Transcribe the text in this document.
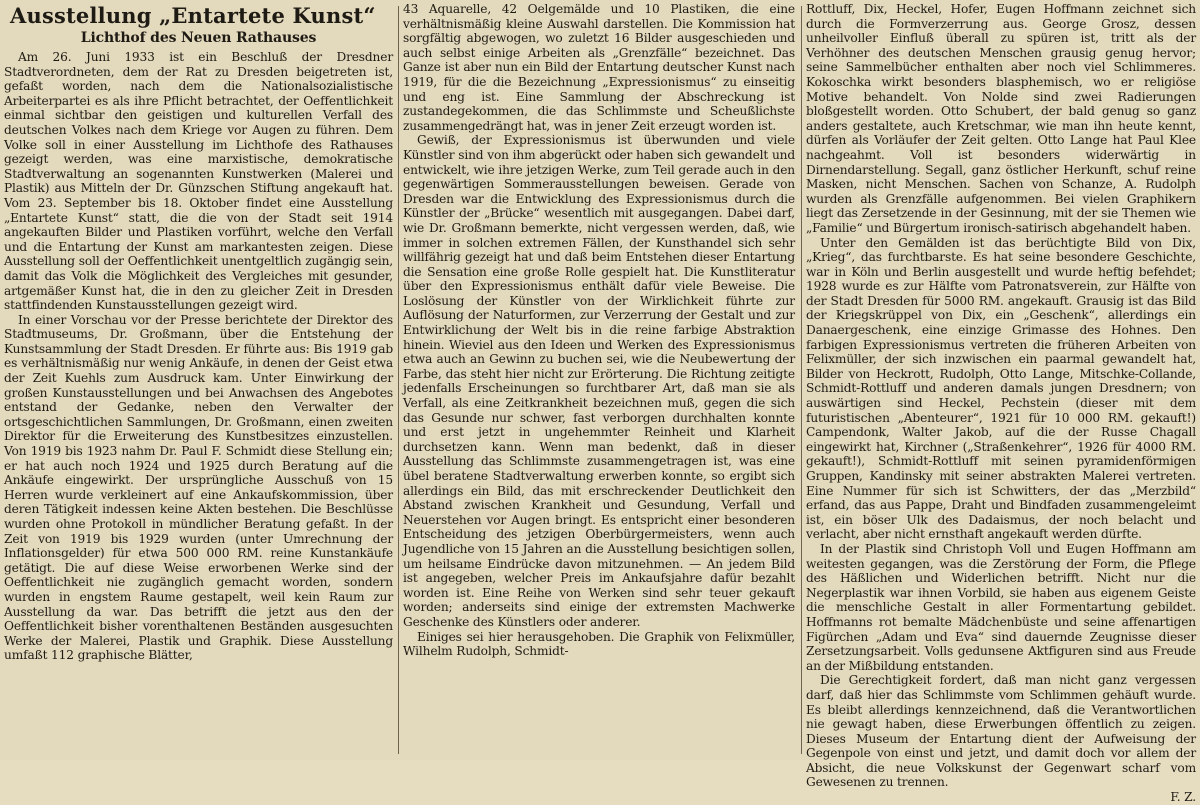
Ausstellung „Entartete Kunst“
Lichthof des Neuen Rathauses

Am 26. Juni 1933 ist ein Beschluß der Dresdner Stadtverordneten, dem der Rat zu Dresden beigetreten ist, gefaßt worden, nach dem die Nationalsozialistische Arbeiterpartei es als ihre Pflicht betrachtet, der Oeffentlichkeit einmal sichtbar den geistigen und kulturellen Verfall des deutschen Volkes nach dem Kriege vor Augen zu führen. Dem Volke soll in einer Ausstellung im Lichthofe des Rathauses gezeigt werden, was eine marxistische, demokratische Stadtverwaltung an sogenannten Kunstwerken (Malerei und Plastik) aus Mitteln der Dr. Günzschen Stiftung angekauft hat. Vom 23. September bis 18. Oktober findet eine Ausstellung „Entartete Kunst“ statt, die die von der Stadt seit 1914 angekauften Bilder und Plastiken vorführt, welche den Verfall und die Entartung der Kunst am markantesten zeigen. Diese Ausstellung soll der Oeffentlichkeit unentgeltlich zugängig sein, damit das Volk die Möglichkeit des Vergleiches mit gesunder, artgemäßer Kunst hat, die in den zu gleicher Zeit in Dresden stattfindenden Kunstausstellungen gezeigt wird.

In einer Vorschau vor der Presse berichtete der Direktor des Stadtmuseums, Dr. Großmann, über die Entstehung der Kunstsammlung der Stadt Dresden. Er führte aus: Bis 1919 gab es verhältnismäßig nur wenig Ankäufe, in denen der Geist etwa der Zeit Kuehls zum Ausdruck kam. Unter Einwirkung der großen Kunstausstellungen und bei Anwachsen des Angebotes entstand der Gedanke, neben den Verwalter der ortsgeschichtlichen Sammlungen, Dr. Großmann, einen zweiten Direktor für die Erweiterung des Kunstbesitzes einzustellen. Von 1919 bis 1923 nahm Dr. Paul F. Schmidt diese Stellung ein; er hat auch noch 1924 und 1925 durch Beratung auf die Ankäufe eingewirkt. Der ursprüngliche Ausschuß von 15 Herren wurde verkleinert auf eine Ankaufskommission, über deren Tätigkeit indessen keine Akten bestehen. Die Beschlüsse wurden ohne Protokoll in mündlicher Beratung gefaßt. In der Zeit von 1919 bis 1929 wurden (unter Umrechnung der Inflationsgelder) für etwa 500 000 RM. reine Kunstankäufe getätigt. Die auf diese Weise erworbenen Werke sind der Oeffentlichkeit nie zugänglich gemacht worden, sondern wurden in engstem Raume gestapelt, weil kein Raum zur Ausstellung da war. Das betrifft die jetzt aus den der Oeffentlichkeit bisher vorenthaltenen Beständen ausgesuchten Werke der Malerei, Plastik und Graphik. Diese Ausstellung umfaßt 112 graphische Blätter,

43 Aquarelle, 42 Oelgemälde und 10 Plastiken, die eine verhältnismäßig kleine Auswahl darstellen. Die Kommission hat sorgfältig abgewogen, wo zuletzt 16 Bilder ausgeschieden und auch selbst einige Arbeiten als „Grenzfälle“ bezeichnet. Das Ganze ist aber nun ein Bild der Entartung deutscher Kunst nach 1919, für die die Bezeichnung „Expressionismus“ zu einseitig und eng ist. Eine Sammlung der Abschreckung ist zustandegekommen, die das Schlimmste und Scheußlichste zusammengedrängt hat, was in jener Zeit erzeugt worden ist.

Gewiß, der Expressionismus ist überwunden und viele Künstler sind von ihm abgerückt oder haben sich gewandelt und entwickelt, wie ihre jetzigen Werke, zum Teil gerade auch in den gegenwärtigen Sommerausstellungen beweisen. Gerade von Dresden war die Entwicklung des Expressionismus durch die Künstler der „Brücke“ wesentlich mit ausgegangen. Dabei darf, wie Dr. Großmann bemerkte, nicht vergessen werden, daß, wie immer in solchen extremen Fällen, der Kunsthandel sich sehr willfährig gezeigt hat und daß beim Entstehen dieser Entartung die Sensation eine große Rolle gespielt hat. Die Kunstliteratur über den Expressionismus enthält dafür viele Beweise. Die Loslösung der Künstler von der Wirklichkeit führte zur Auflösung der Naturformen, zur Verzerrung der Gestalt und zur Entwirklichung der Welt bis in die reine farbige Abstraktion hinein. Wieviel aus den Ideen und Werken des Expressionismus etwa auch an Gewinn zu buchen sei, wie die Neubewertung der Farbe, das steht hier nicht zur Erörterung. Die Richtung zeitigte jedenfalls Erscheinungen so furchtbarer Art, daß man sie als Verfall, als eine Zeitkrankheit bezeichnen muß, gegen die sich das Gesunde nur schwer, fast verborgen durchhalten konnte und erst jetzt in ungehemmter Reinheit und Klarheit durchsetzen kann. Wenn man bedenkt, daß in dieser Ausstellung das Schlimmste zusammengetragen ist, was eine übel beratene Stadtverwaltung erwerben konnte, so ergibt sich allerdings ein Bild, das mit erschreckender Deutlichkeit den Abstand zwischen Krankheit und Gesundung, Verfall und Neuerstehen vor Augen bringt. Es entspricht einer besonderen Entscheidung des jetzigen Oberbürgermeisters, wenn auch Jugendliche von 15 Jahren an die Ausstellung besichtigen sollen, um heilsame Eindrücke davon mitzunehmen. — An jedem Bild ist angegeben, welcher Preis im Ankaufsjahre dafür bezahlt worden ist. Eine Reihe von Werken sind sehr teuer gekauft worden; anderseits sind einige der extremsten Machwerke Geschenke des Künstlers oder anderer.

Einiges sei hier herausgehoben. Die Graphik von Felixmüller, Wilhelm Rudolph, Schmidt-

Rottluff, Dix, Heckel, Hofer, Eugen Hoffmann zeichnet sich durch die Formverzerrung aus. George Grosz, dessen unheilvoller Einfluß überall zu spüren ist, tritt als der Verhöhner des deutschen Menschen grausig genug hervor; seine Sammelbücher enthalten aber noch viel Schlimmeres. Kokoschka wirkt besonders blasphemisch, wo er religiöse Motive behandelt. Von Nolde sind zwei Radierungen bloßgestellt worden. Otto Schubert, der bald genug so ganz anders gestaltete, auch Kretschmar, wie man ihn heute kennt, dürfen als Vorläufer der Zeit gelten. Otto Lange hat Paul Klee nachgeahmt. Voll ist besonders widerwärtig in Dirnendarstellung. Segall, ganz östlicher Herkunft, schuf reine Masken, nicht Menschen. Sachen von Schanze, A. Rudolph wurden als Grenzfälle aufgenommen. Bei vielen Graphikern liegt das Zersetzende in der Gesinnung, mit der sie Themen wie „Familie“ und Bürgertum ironisch-satirisch abgehandelt haben.

Unter den Gemälden ist das berüchtigte Bild von Dix, „Krieg“, das furchtbarste. Es hat seine besondere Geschichte, war in Köln und Berlin ausgestellt und wurde heftig befehdet; 1928 wurde es zur Hälfte vom Patronatsverein, zur Hälfte von der Stadt Dresden für 5000 RM. angekauft. Grausig ist das Bild der Kriegskrüppel von Dix, ein „Geschenk“, allerdings ein Danaergeschenk, eine einzige Grimasse des Hohnes. Den farbigen Expressionismus vertreten die früheren Arbeiten von Felixmüller, der sich inzwischen ein paarmal gewandelt hat, Bilder von Heckrott, Rudolph, Otto Lange, Mitschke-Collande, Schmidt-Rottluff und anderen damals jungen Dresdnern; von auswärtigen sind Heckel, Pechstein (dieser mit dem futuristischen „Abenteurer“, 1921 für 10 000 RM. gekauft!) Campendonk, Walter Jakob, auf die der Russe Chagall eingewirkt hat, Kirchner („Straßenkehrer“, 1926 für 4000 RM. gekauft!), Schmidt-Rottluff mit seinen pyramidenförmigen Gruppen, Kandinsky mit seiner abstrakten Malerei vertreten. Eine Nummer für sich ist Schwitters, der das „Merzbild“ erfand, das aus Pappe, Draht und Bindfaden zusammengeleimt ist, ein böser Ulk des Dadaismus, der noch belacht und verlacht, aber nicht ernsthaft angekauft werden dürfte.

In der Plastik sind Christoph Voll und Eugen Hoffmann am weitesten gegangen, was die Zerstörung der Form, die Pflege des Häßlichen und Widerlichen betrifft. Nicht nur die Negerplastik war ihnen Vorbild, sie haben aus eigenem Geiste die menschliche Gestalt in aller Formentartung gebildet. Hoffmanns rot bemalte Mädchenbüste und seine affenartigen Figürchen „Adam und Eva“ sind dauernde Zeugnisse dieser Zersetzungsarbeit. Volls gedunsene Aktfiguren sind aus Freude an der Mißbildung entstanden.

Die Gerechtigkeit fordert, daß man nicht ganz vergessen darf, daß hier das Schlimmste vom Schlimmen gehäuft wurde. Es bleibt allerdings kennzeichnend, daß die Verantwortlichen nie gewagt haben, diese Erwerbungen öffentlich zu zeigen. Dieses Museum der Entartung dient der Aufweisung der Gegenpole von einst und jetzt, und damit doch vor allem der Absicht, die neue Volkskunst der Gegenwart scharf vom Gewesenen zu trennen.

F. Z.
